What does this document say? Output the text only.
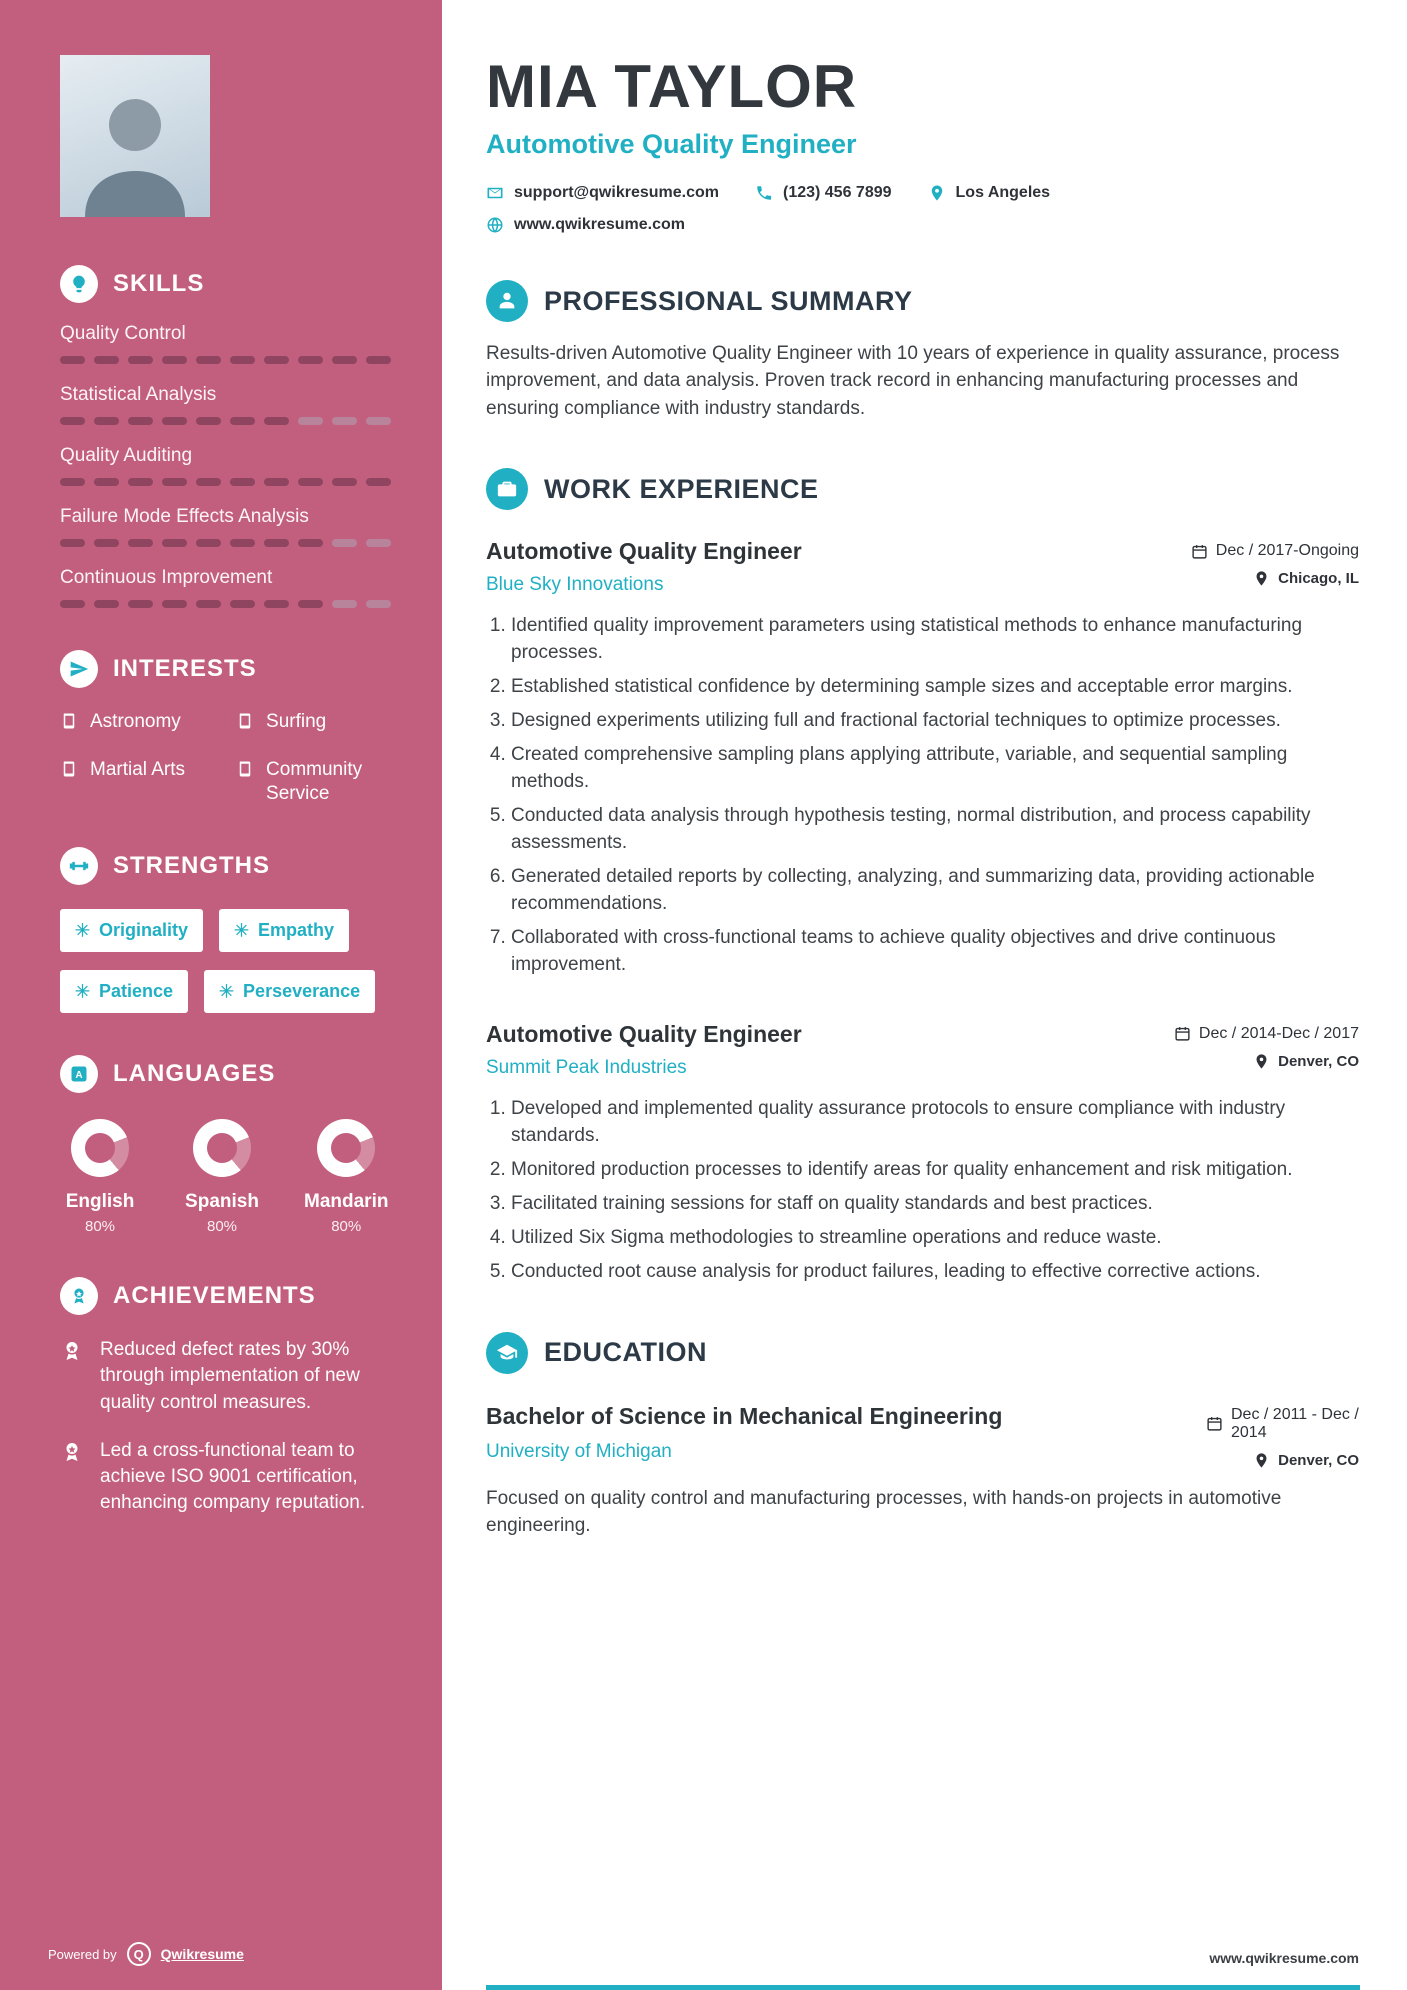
SKILLS
Quality Control
Statistical Analysis
Quality Auditing
Failure Mode Effects Analysis
Continuous Improvement
INTERESTS
Astronomy	Surfing
Martial Arts	Community Service
STRENGTHS
Originality	Empathy
Patience	Perseverance
A LANGUAGES
English
80%
Spanish
80%
Mandarin
80%
ACHIEVEMENTS

Reduced defect rates by 30% through implementation of new quality control measures.

Led a cross-functional team to achieve ISO 9001 certification, enhancing company reputation.

Powered by	Q	Qwikresume
MIA TAYLOR
Automotive Quality Engineer
support@qwikresume.com	(123) 456 7899	Los Angeles
www.qwikresume.com
PROFESSIONAL SUMMARY

Results-driven Automotive Quality Engineer with 10 years of experience in quality assurance, process improvement, and data analysis. Proven track record in enhancing manufacturing processes and ensuring compliance with industry standards.

WORK EXPERIENCE
Automotive Quality Engineer
Blue Sky Innovations
Dec / 2017-Ongoing
Chicago, IL
1. Identified quality improvement parameters using statistical methods to enhance manufacturing processes.
2. Established statistical confidence by determining sample sizes and acceptable error margins.
3. Designed experiments utilizing full and fractional factorial techniques to optimize processes.
4. Created comprehensive sampling plans applying attribute, variable, and sequential sampling methods.
5. Conducted data analysis through hypothesis testing, normal distribution, and process capability assessments.
6. Generated detailed reports by collecting, analyzing, and summarizing data, providing actionable recommendations.
7. Collaborated with cross-functional teams to achieve quality objectives and drive continuous improvement.
Automotive Quality Engineer
Summit Peak Industries
Dec / 2014-Dec / 2017
Denver, CO
1. Developed and implemented quality assurance protocols to ensure compliance with industry standards.
2. Monitored production processes to identify areas for quality enhancement and risk mitigation.
3. Facilitated training sessions for staff on quality standards and best practices.
4. Utilized Six Sigma methodologies to streamline operations and reduce waste.
5. Conducted root cause analysis for product failures, leading to effective corrective actions.
EDUCATION
Bachelor of Science in Mechanical Engineering
University of Michigan
Dec / 2011 - Dec / 2014
Denver, CO

Focused on quality control and manufacturing processes, with hands-on projects in automotive engineering.

www.qwikresume.com
